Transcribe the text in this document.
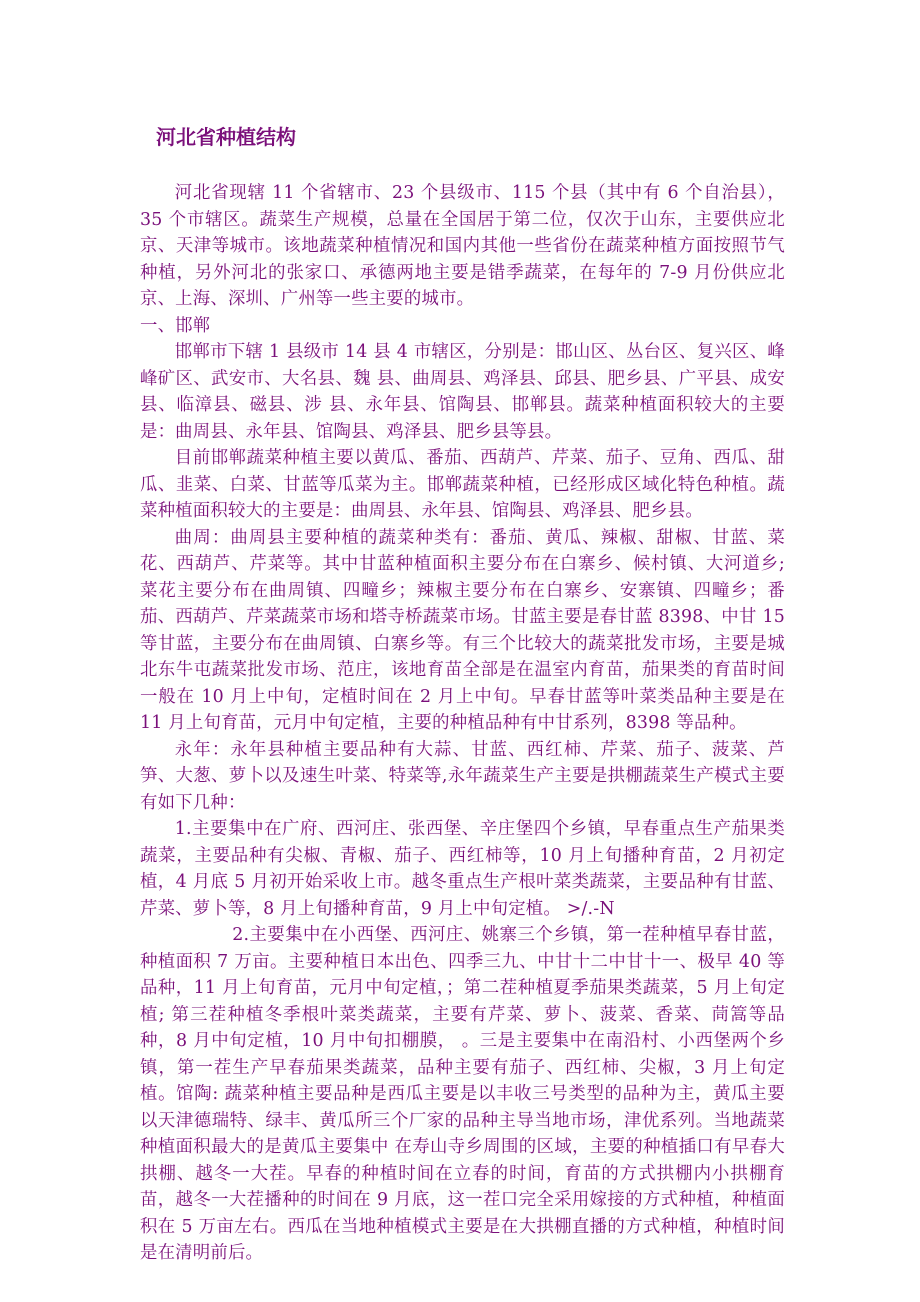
河北省种植结构

河北省现辖 11 个省辖市、23 个县级市、115 个县（其中有 6 个自治县），35 个市辖区。蔬菜生产规模，总量在全国居于第二位，仅次于山东，主要供应北京、天津等城市。该地蔬菜种植情况和国内其他一些省份在蔬菜种植方面按照节气种植，另外河北的张家口、承德两地主要是错季蔬菜，在每年的 7-9 月份供应北京、上海、深圳、广州等一些主要的城市。

一、邯郸

邯郸市下辖 1 县级市 14 县 4 市辖区，分别是：邯山区、丛台区、复兴区、峰峰矿区、武安市、大名县、魏 县、曲周县、鸡泽县、邱县、肥乡县、广平县、成安县、临漳县、磁县、涉 县、永年县、馆陶县、邯郸县。蔬菜种植面积较大的主要是：曲周县、永年县、馆陶县、鸡泽县、肥乡县等县。

目前邯郸蔬菜种植主要以黄瓜、番茄、西葫芦、芹菜、茄子、豆角、西瓜、甜瓜、韭菜、白菜、甘蓝等瓜菜为主。邯郸蔬菜种植，已经形成区域化特色种植。蔬菜种植面积较大的主要是：曲周县、永年县、馆陶县、鸡泽县、肥乡县。

曲周：曲周县主要种植的蔬菜种类有：番茄、黄瓜、辣椒、甜椒、甘蓝、菜花、西葫芦、芹菜等。其中甘蓝种植面积主要分布在白寨乡、候村镇、大河道乡; 菜花主要分布在曲周镇、四疃乡；辣椒主要分布在白寨乡、安寨镇、四疃乡；番茄、西葫芦、芹菜蔬菜市场和塔寺桥蔬菜市场。甘蓝主要是春甘蓝 8398、中甘 15 等甘蓝，主要分布在曲周镇、白寨乡等。有三个比较大的蔬菜批发市场，主要是城北东牛屯蔬菜批发市场、范庄，该地育苗全部是在温室内育苗，茄果类的育苗时间一般在 10 月上中旬，定植时间在 2 月上中旬。早春甘蓝等叶菜类品种主要是在 11 月上旬育苗，元月中旬定植，主要的种植品种有中甘系列，8398 等品种。

永年：永年县种植主要品种有大蒜、甘蓝、西红柿、芹菜、茄子、菠菜、芦笋、大葱、萝卜以及速生叶菜、特菜等,永年蔬菜生产主要是拱棚蔬菜生产模式主要有如下几种：

1.主要集中在广府、西河庄、张西堡、辛庄堡四个乡镇，早春重点生产茄果类蔬菜，主要品种有尖椒、青椒、茄子、西红柿等，10 月上旬播种育苗，2 月初定植，4 月底 5 月初开始采收上市。越冬重点生产根叶菜类蔬菜，主要品种有甘蓝、芹菜、萝卜等，8 月上旬播种育苗，9 月上中旬定植。 >/.-N

2.主要集中在小西堡、西河庄、姚寨三个乡镇，第一茬种植早春甘蓝，种植面积 7 万亩。主要种植日本出色、四季三九、中甘十二中甘十一、极早 40 等品种，11 月上旬育苗，元月中旬定植，；第二茬种植夏季茄果类蔬菜，5 月上旬定植; 第三茬种植冬季根叶菜类蔬菜，主要有芹菜、萝卜、菠菜、香菜、茼篙等品种，8 月中旬定植，10 月中旬扣棚膜， 。三是主要集中在南沿村、小西堡两个乡镇，第一茬生产早春茄果类蔬菜，品种主要有茄子、西红柿、尖椒，3 月上旬定植。馆陶: 蔬菜种植主要品种是西瓜主要是以丰收三号类型的品种为主，黄瓜主要以天津德瑞特、绿丰、黄瓜所三个厂家的品种主导当地市场，津优系列。当地蔬菜种植面积最大的是黄瓜主要集中 在寿山寺乡周围的区域，主要的种植插口有早春大拱棚、越冬一大茬。早春的种植时间在立春的时间，育苗的方式拱棚内小拱棚育苗，越冬一大茬播种的时间在 9 月底，这一茬口完全采用嫁接的方式种植，种植面积在 5 万亩左右。西瓜在当地种植模式主要是在大拱棚直播的方式种植，种植时间是在清明前后。
